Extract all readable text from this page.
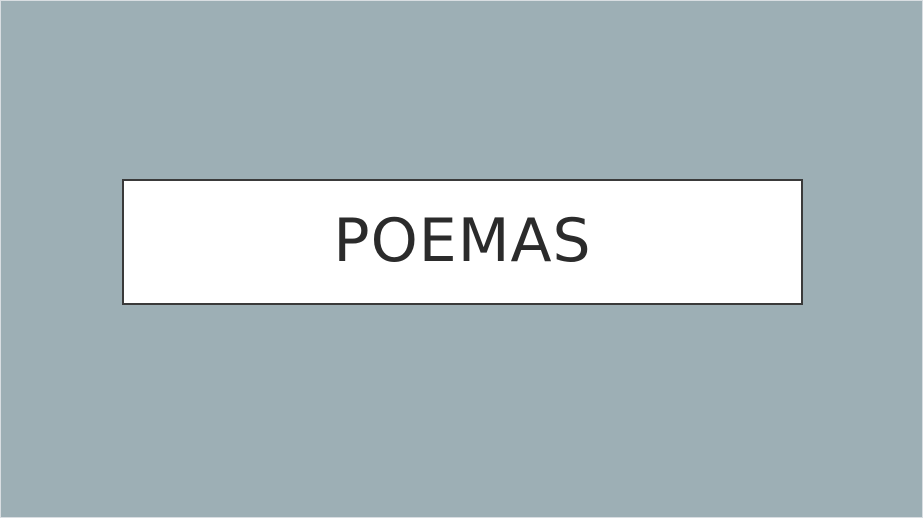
POEMAS
